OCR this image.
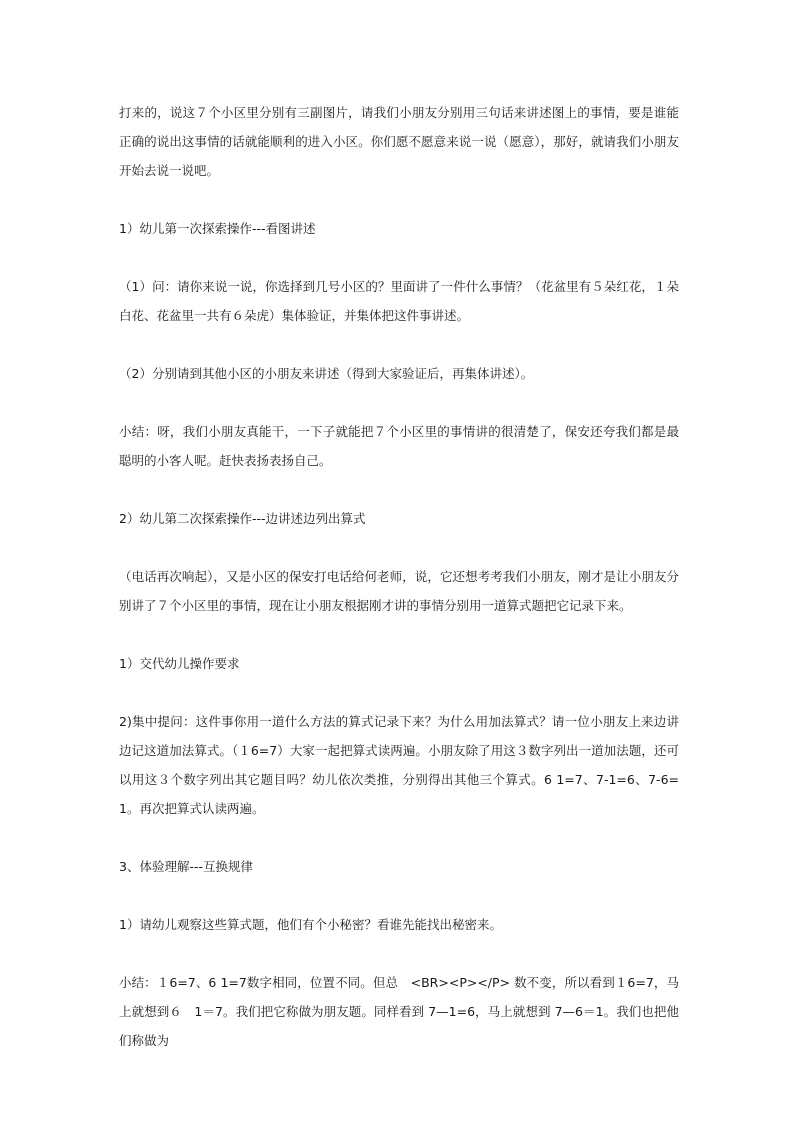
打来的，说这７个小区里分别有三副图片，请我们小朋友分别用三句话来讲述图上的事情，要是谁能正确的说出这事情的话就能顺利的进入小区。你们愿不愿意来说一说（愿意），那好，就请我们小朋友开始去说一说吧。

1）幼儿第一次探索操作---看图讲述

（1）问：请你来说一说，你选择到几号小区的？里面讲了一件什么事情？（花盆里有５朵红花，１朵白花、花盆里一共有６朵虎）集体验证，并集体把这件事讲述。

（2）分别请到其他小区的小朋友来讲述（得到大家验证后，再集体讲述）。

小结：呀，我们小朋友真能干，一下子就能把７个小区里的事情讲的很清楚了，保安还夸我们都是最聪明的小客人呢。赶快表扬表扬自己。

2）幼儿第二次探索操作---边讲述边列出算式

（电话再次响起），又是小区的保安打电话给何老师，说，它还想考考我们小朋友，刚才是让小朋友分别讲了７个小区里的事情，现在让小朋友根据刚才讲的事情分别用一道算式题把它记录下来。

1）交代幼儿操作要求

2)集中提问：这件事你用一道什么方法的算式记录下来？为什么用加法算式？请一位小朋友上来边讲边记这道加法算式。（１6=7）大家一起把算式读两遍。小朋友除了用这３数字列出一道加法题，还可以用这３个数字列出其它题目吗？幼儿依次类推，分别得出其他三个算式。6 1=7、7-1=6、7-6=1。再次把算式认读两遍。

3、体验理解---互换规律

1）请幼儿观察这些算式题，他们有个小秘密？看谁先能找出秘密来。

小结：１6=7、6 1=7数字相同，位置不同。但总　<BR><P></P> 数不变，所以看到１6=7，马上就想到６　1＝7。我们把它称做为朋友题。同样看到 7—1=6，马上就想到 7—6＝1。我们也把他们称做为
